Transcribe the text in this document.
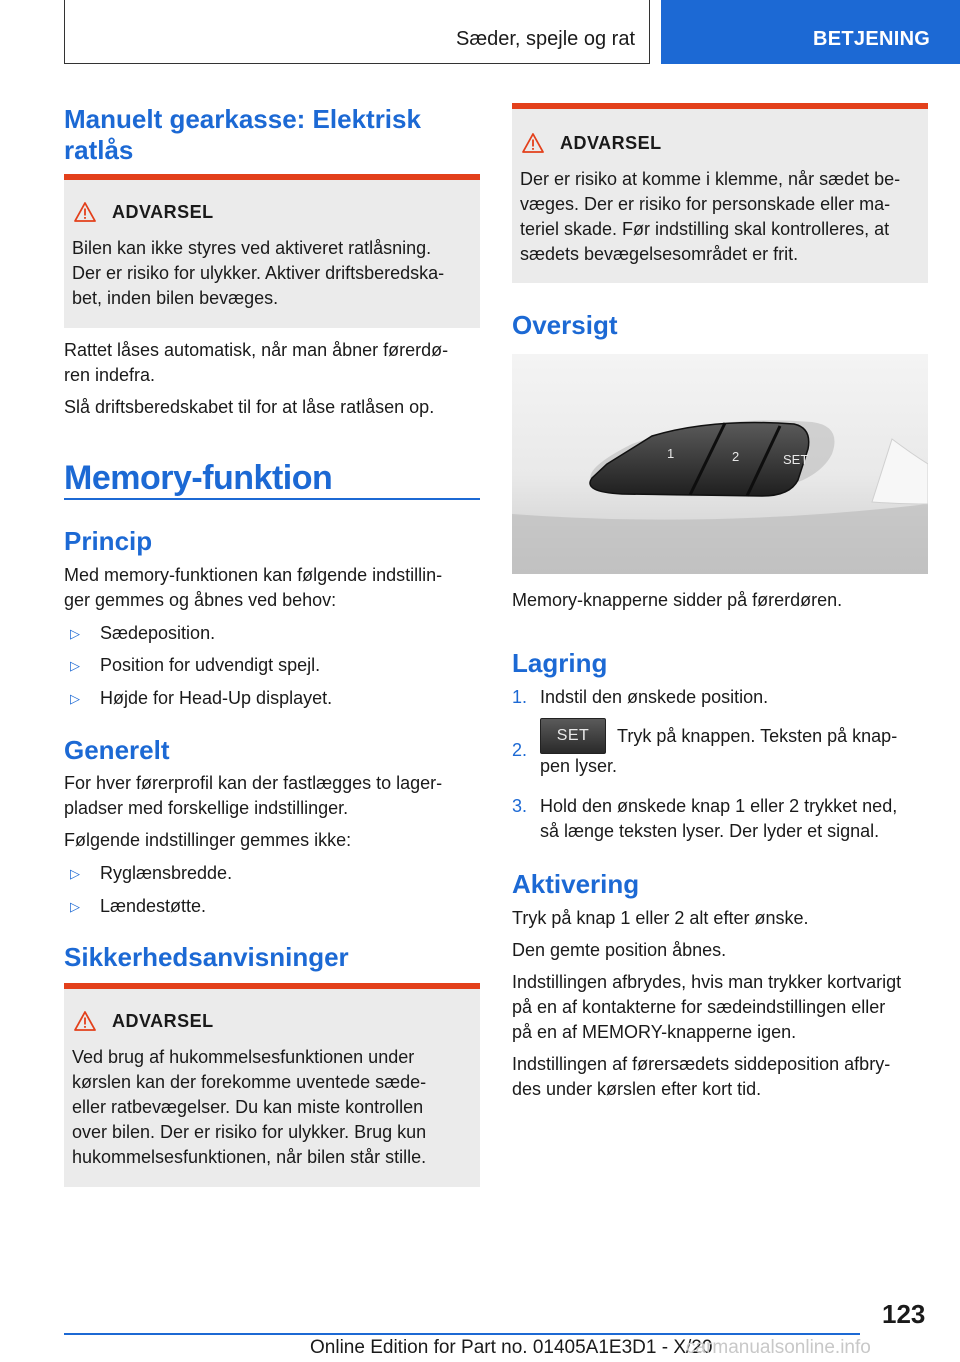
Sæder, spejle og rat	BETJENING
Manuelt gearkasse: Elektrisk
ratlås
ADVARSEL
Bilen kan ikke styres ved aktiveret ratlåsning.
Der er risiko for ulykker. Aktiver driftsberedska-
bet, inden bilen bevæges.
Rattet låses automatisk, når man åbner førerdø-
ren indefra.
Slå driftsberedskabet til for at låse ratlåsen op.
Memory-funktion
Princip
Med memory-funktionen kan følgende indstillin-
ger gemmes og åbnes ved behov:
▷ Sædeposition.
▷ Position for udvendigt spejl.
▷ Højde for Head-Up displayet.
Generelt
For hver førerprofil kan der fastlægges to lager-
pladser med forskellige indstillinger.
Følgende indstillinger gemmes ikke:
▷ Ryglænsbredde.
▷ Lændestøtte.
Sikkerhedsanvisninger
ADVARSEL
Ved brug af hukommelsesfunktionen under
kørslen kan der forekomme uventede sæde-
eller ratbevægelser. Du kan miste kontrollen
over bilen. Der er risiko for ulykker. Brug kun
hukommelsesfunktionen, når bilen står stille.
ADVARSEL
Der er risiko at komme i klemme, når sædet be-
væges. Der er risiko for personskade eller ma-
teriel skade. Før indstilling skal kontrolleres, at
sædets bevægelsesområdet er frit.
Oversigt
Memory-knapperne sidder på førerdøren.
Lagring
1. Indstil den ønskede position.
2.
SET Tryk på knappen. Teksten på knap-
pen lyser.
3. Hold den ønskede knap 1 eller 2 trykket ned,
så længe teksten lyser. Der lyder et signal.
Aktivering
Tryk på knap 1 eller 2 alt efter ønske.
Den gemte position åbnes.
Indstillingen afbrydes, hvis man trykker kortvarigt
på en af kontakterne for sædeindstillingen eller
på en af MEMORY-knapperne igen.
Indstillingen af førersædets siddeposition afbry-
des under kørslen efter kort tid.
1	2	SET
123
Online Edition for Part no. 01405A1E3D1 - X/20
carmanualsonline.info
